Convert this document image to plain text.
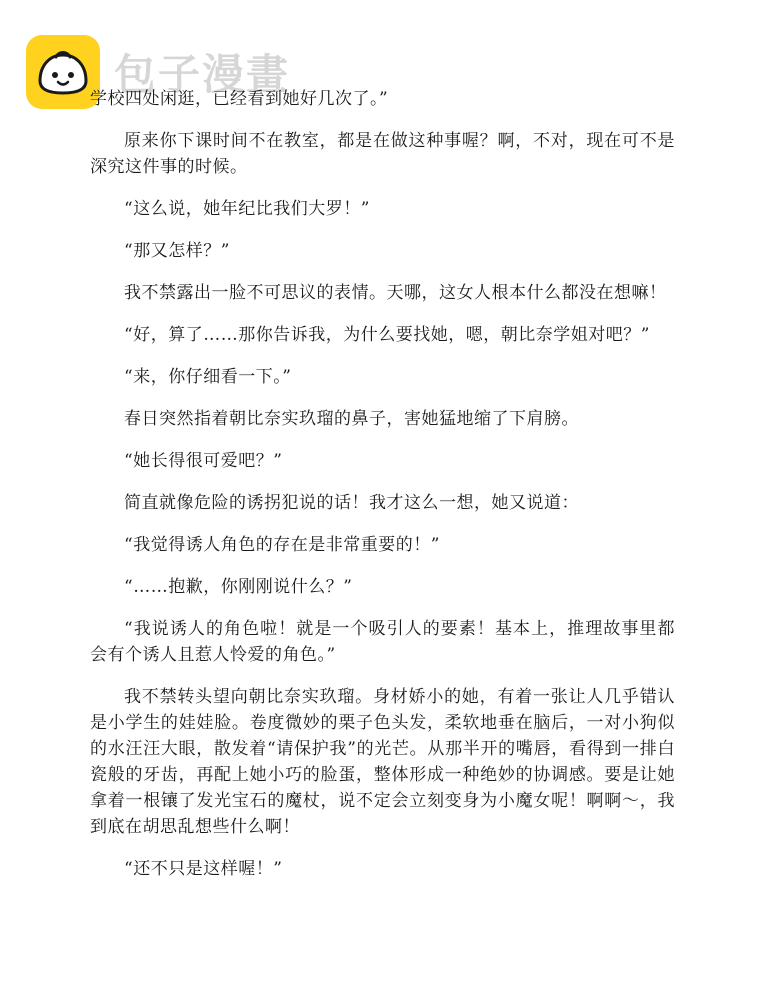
包子漫畫

学校四处闲逛，已经看到她好几次了。”

原来你下课时间不在教室，都是在做这种事喔？啊，不对，现在可不是深究这件事的时候。

“这么说，她年纪比我们大罗！”

“那又怎样？”

我不禁露出一脸不可思议的表情。天哪，这女人根本什么都没在想嘛！

“好，算了……那你告诉我，为什么要找她，嗯，朝比奈学姐对吧？”

“来，你仔细看一下。”

春日突然指着朝比奈实玖瑠的鼻子，害她猛地缩了下肩膀。

“她长得很可爱吧？”

简直就像危险的诱拐犯说的话！我才这么一想，她又说道：

“我觉得诱人角色的存在是非常重要的！”

“……抱歉，你刚刚说什么？”

“我说诱人的角色啦！就是一个吸引人的要素！基本上，推理故事里都会有个诱人且惹人怜爱的角色。”

我不禁转头望向朝比奈实玖瑠。身材娇小的她，有着一张让人几乎错认是小学生的娃娃脸。卷度微妙的栗子色头发，柔软地垂在脑后，一对小狗似的水汪汪大眼，散发着“请保护我”的光芒。从那半开的嘴唇，看得到一排白瓷般的牙齿，再配上她小巧的脸蛋，整体形成一种绝妙的协调感。要是让她拿着一根镶了发光宝石的魔杖，说不定会立刻变身为小魔女呢！啊啊～，我到底在胡思乱想些什么啊！

“还不只是这样喔！”
